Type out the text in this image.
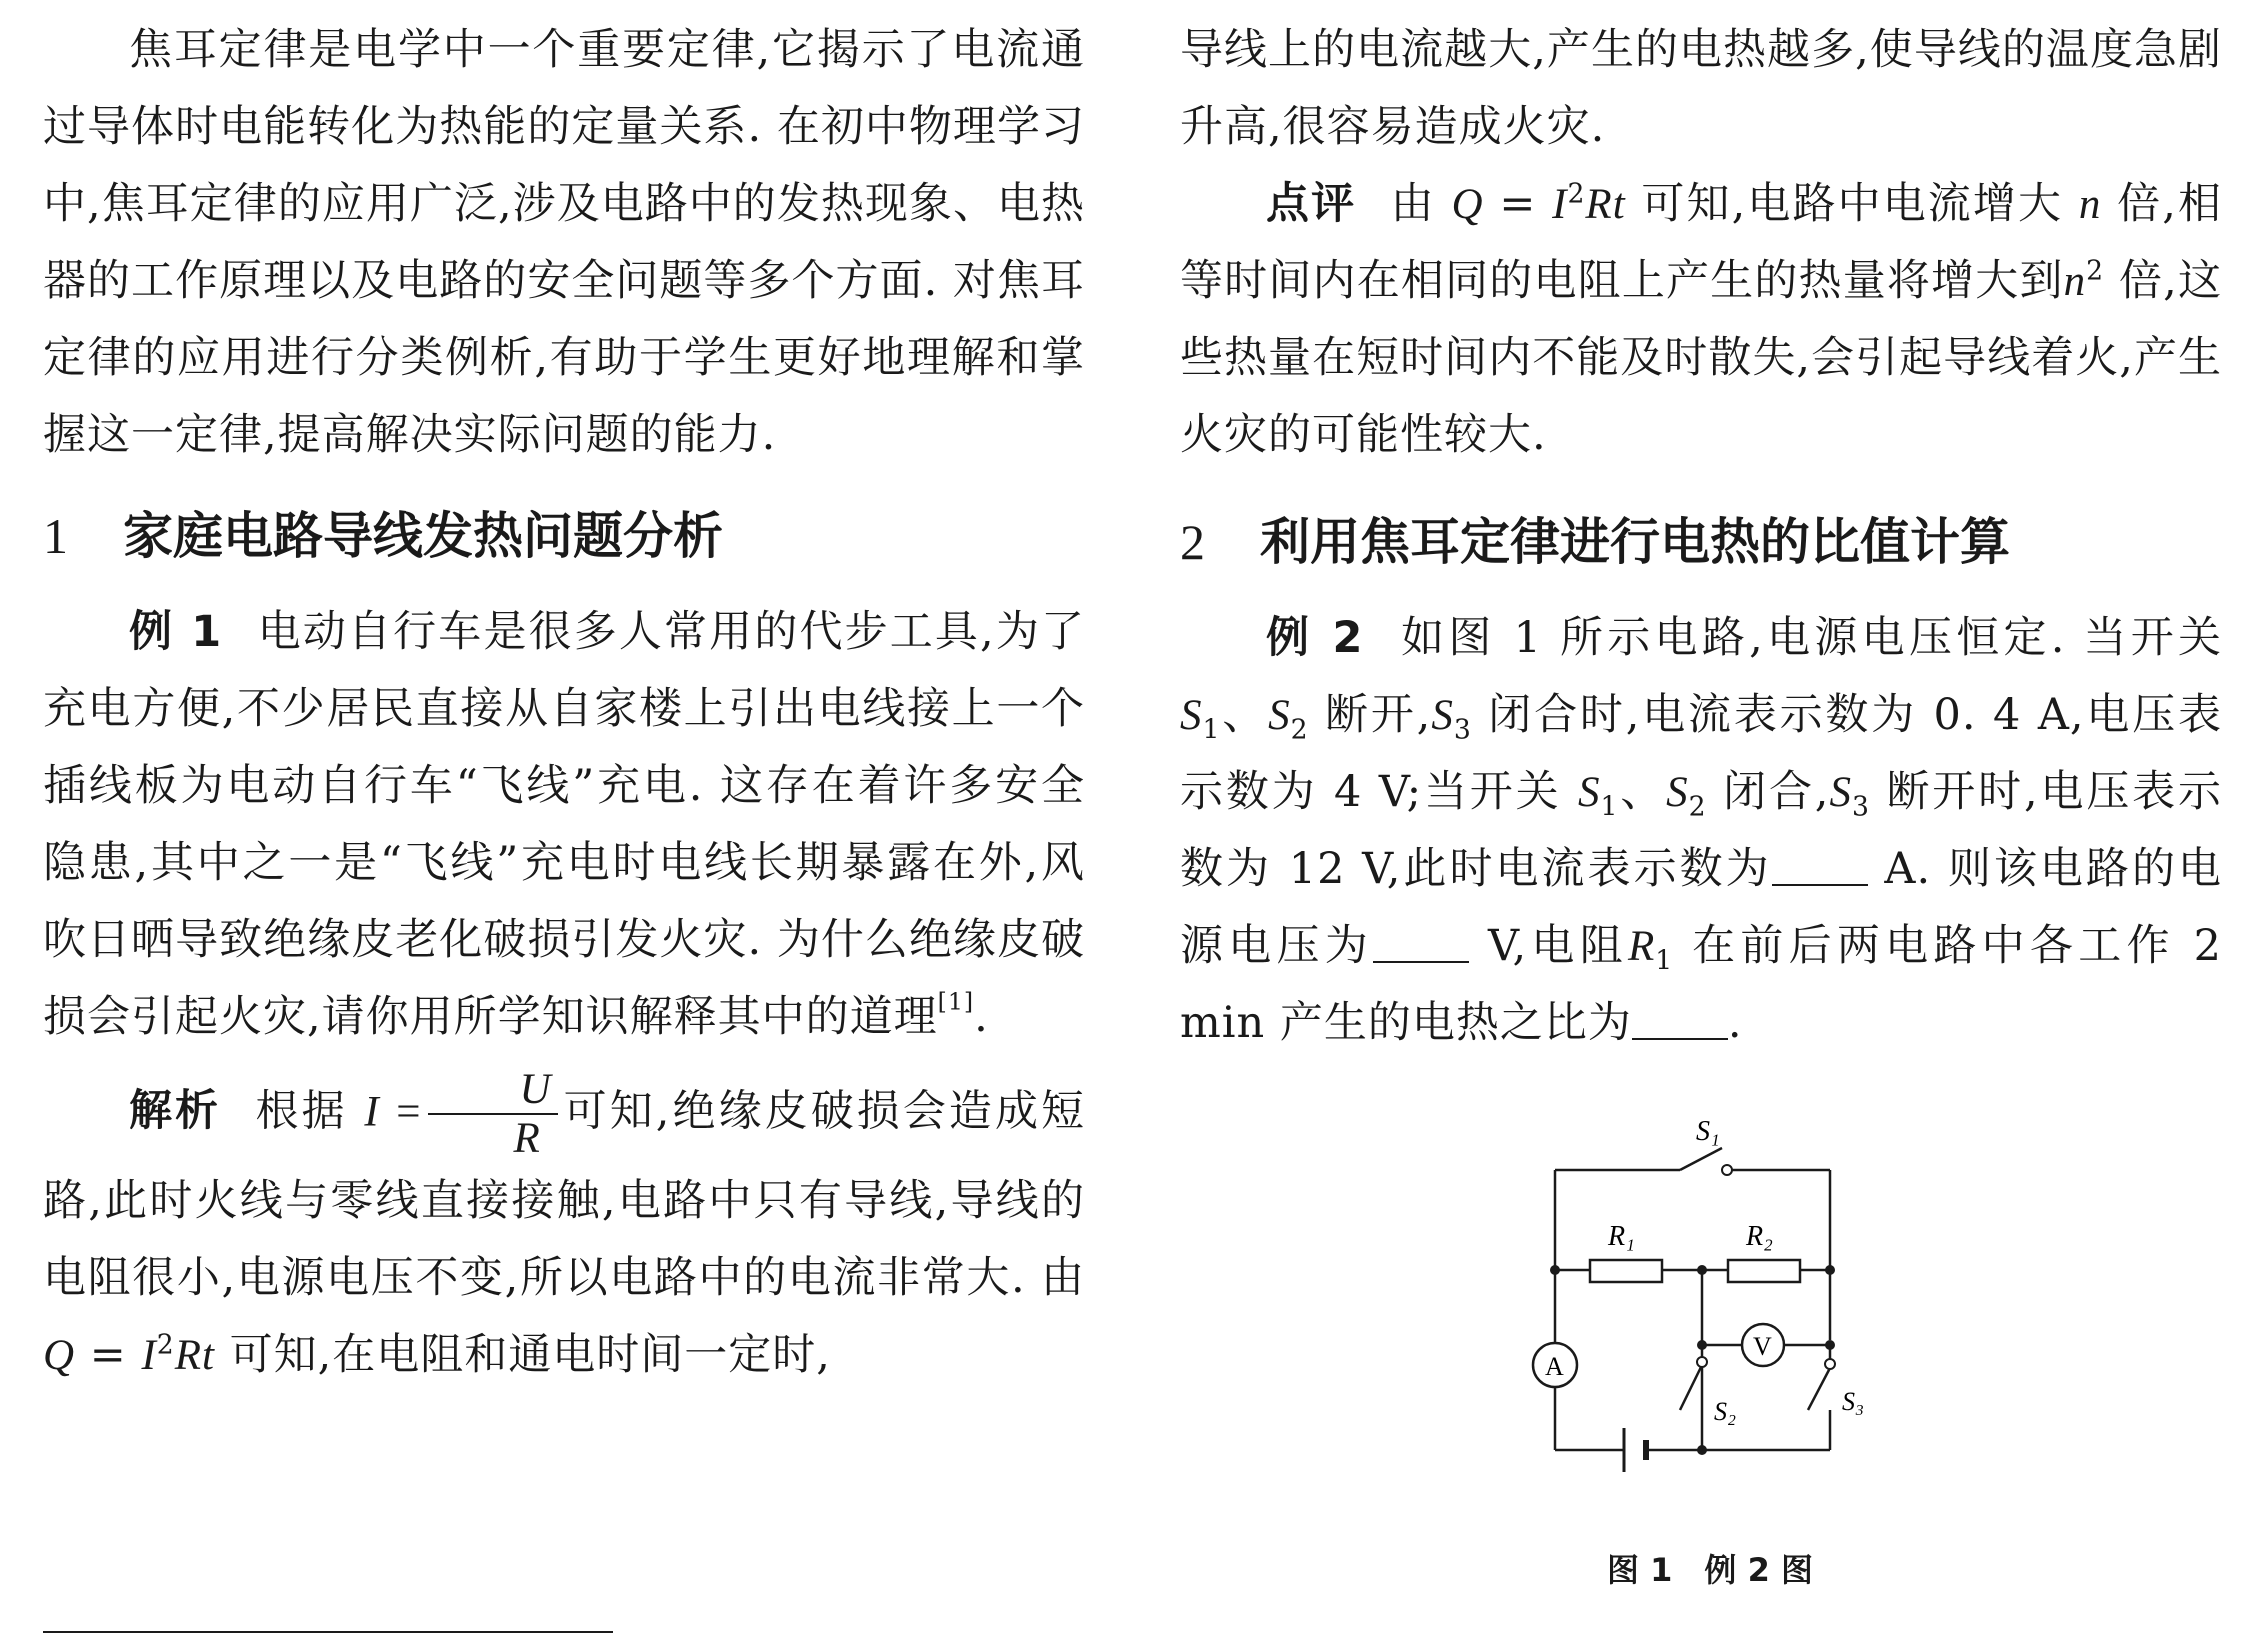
焦耳定律是电学中一个重要定律,它揭示了电流通过导体时电能转化为热能的定量关系. 在初中物理学习中,焦耳定律的应用广泛,涉及电路中的发热现象、电热器的工作原理以及电路的安全问题等多个方面. 对焦耳定律的应用进行分类例析,有助于学生更好地理解和掌握这一定律,提高解决实际问题的能力.

1 家庭电路导线发热问题分析

例 1 电动自行车是很多人常用的代步工具,为了充电方便,不少居民直接从自家楼上引出电线接上一个插线板为电动自行车“飞线”充电. 这存在着许多安全隐患,其中之一是“飞线”充电时电线长期暴露在外,风吹日晒导致绝缘皮老化破损引发火灾. 为什么绝缘皮破损会引起火灾,请你用所学知识解释其中的道理[1].

解析 根据 $I = \frac{U}{R}$ 可知,绝缘皮破损会造成短路,此时火线与零线直接接触,电路中只有导线,导线的电阻很小,电源电压不变,所以电路中的电流非常大. 由 $Q = I^2Rt$ 可知,在电阻和通电时间一定时,

导线上的电流越大,产生的电热越多,使导线的温度急剧升高,很容易造成火灾.

点评 由 $Q = I^2Rt$ 可知,电路中电流增大 n 倍,相等时间内在相同的电阻上产生的热量将增大到$n^2$ 倍,这些热量在短时间内不能及时散失,会引起导线着火,产生火灾的可能性较大.

2 利用焦耳定律进行电热的比值计算

例 2 如图 1 所示电路,电源电压恒定. 当开关 $S_1$、$S_2$ 断开$,S_3$ 闭合时,电流表示数为 0. 4 A,电压表示数为 4 V;当开关 $S_1$、$S_2$ 闭合$,S_3$ 断开时,电压表示数为 12 V,此时电流表示数为	A. 则该电路的电源电压为	V,电阻$R_1$ 在前后两电路中各工作 2 min 产生的电热之比为 .

S₁
R₁	R₂
A
V
S₂	S₃
图 1　例 2 图
